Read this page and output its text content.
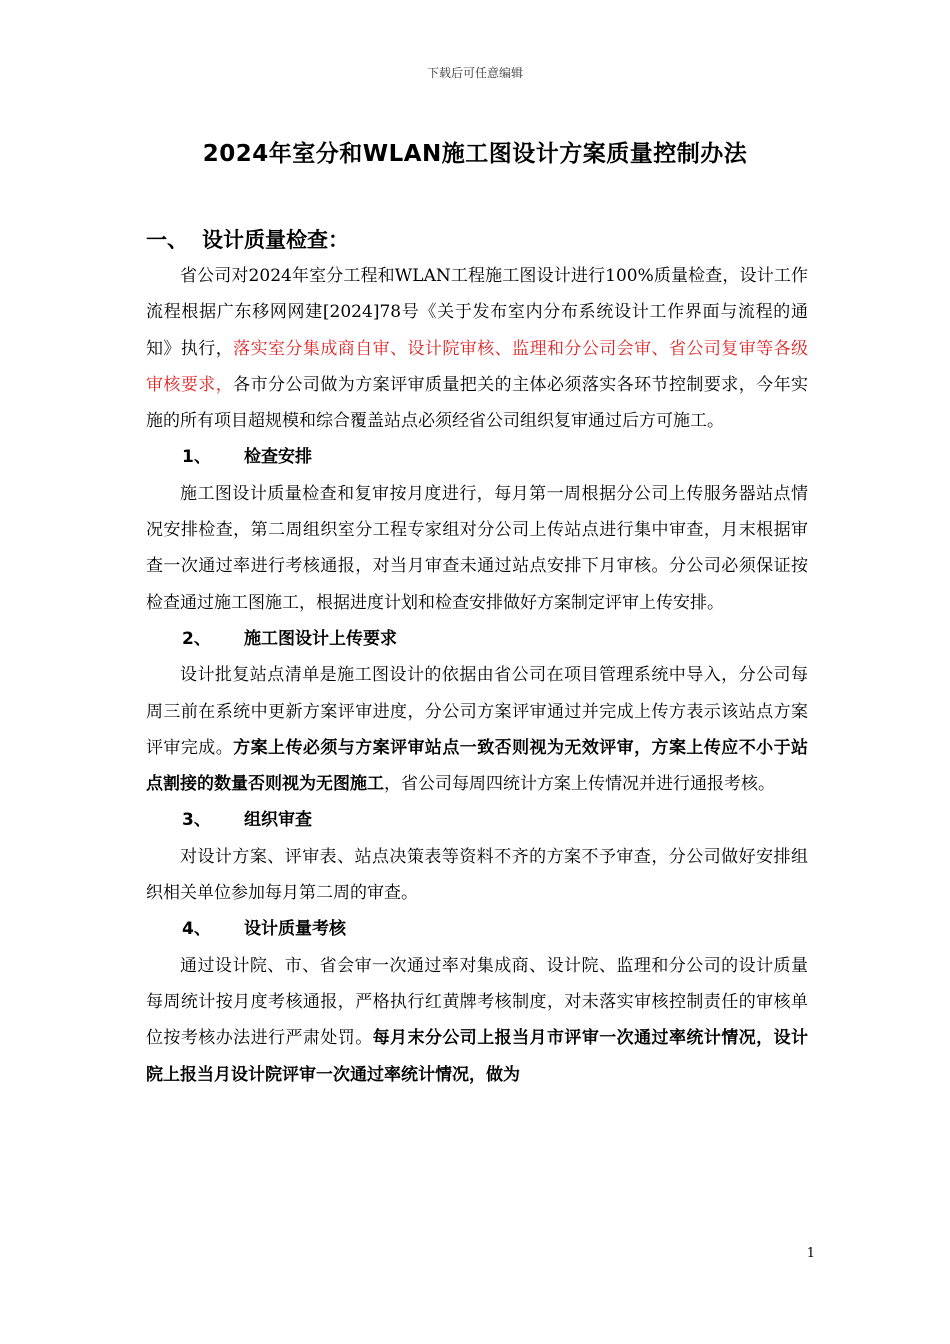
下载后可任意编辑
2024年室分和WLAN施工图设计方案质量控制办法
一、 设计质量检查：

省公司对2024年室分工程和WLAN工程施工图设计进行100%质量检查，设计工作流程根据广东移网网建[2024]78号《关于发布室内分布系统设计工作界面与流程的通知》执行，落实室分集成商自审、设计院审核、监理和分公司会审、省公司复审等各级审核要求，各市分公司做为方案评审质量把关的主体必须落实各环节控制要求，今年实施的所有项目超规模和综合覆盖站点必须经省公司组织复审通过后方可施工。

1、	检查安排

施工图设计质量检查和复审按月度进行，每月第一周根据分公司上传服务器站点情况安排检查，第二周组织室分工程专家组对分公司上传站点进行集中审查，月末根据审查一次通过率进行考核通报，对当月审查未通过站点安排下月审核。分公司必须保证按检查通过施工图施工，根据进度计划和检查安排做好方案制定评审上传安排。

2、	施工图设计上传要求

设计批复站点清单是施工图设计的依据由省公司在项目管理系统中导入，分公司每周三前在系统中更新方案评审进度，分公司方案评审通过并完成上传方表示该站点方案评审完成。方案上传必须与方案评审站点一致否则视为无效评审，方案上传应不小于站点割接的数量否则视为无图施工，省公司每周四统计方案上传情况并进行通报考核。

3、	组织审查

对设计方案、评审表、站点决策表等资料不齐的方案不予审查，分公司做好安排组织相关单位参加每月第二周的审查。

4、	设计质量考核

通过设计院、市、省会审一次通过率对集成商、设计院、监理和分公司的设计质量每周统计按月度考核通报，严格执行红黄牌考核制度，对未落实审核控制责任的审核单位按考核办法进行严肃处罚。每月末分公司上报当月市评审一次通过率统计情况，设计院上报当月设计院评审一次通过率统计情况，做为

1
